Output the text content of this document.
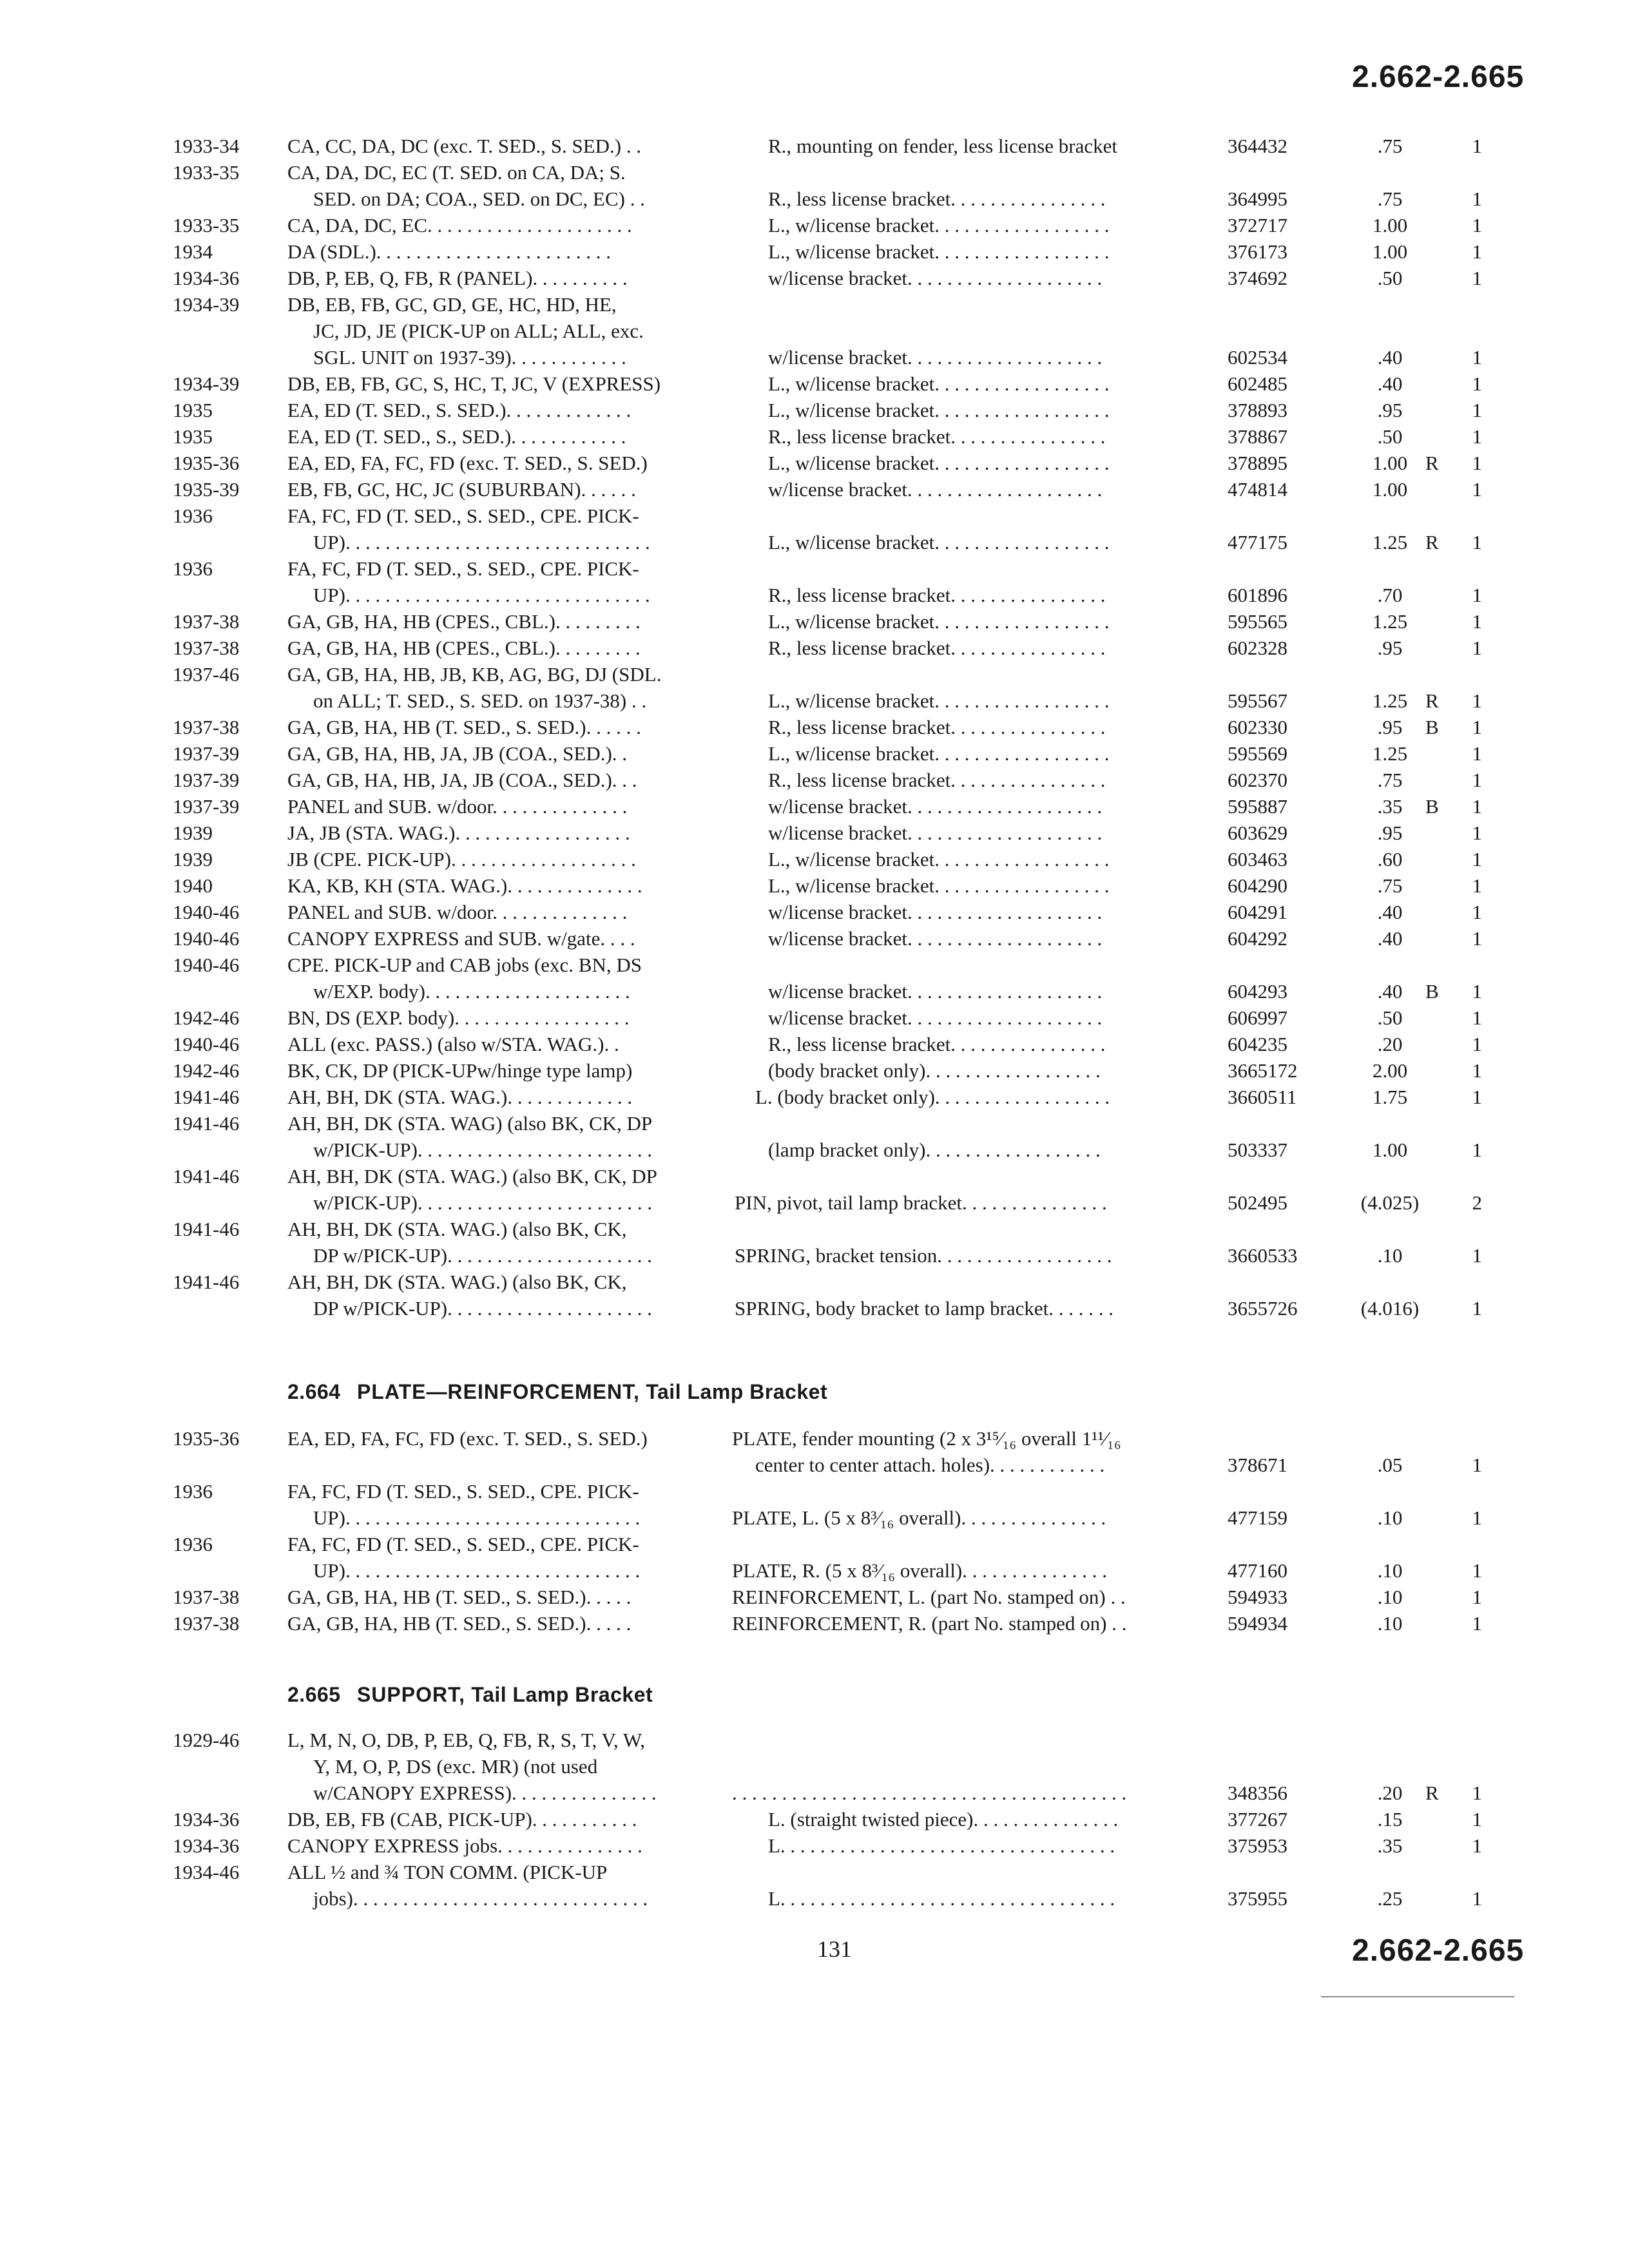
2.662-2.665
1933-34	CA, CC, DA, DC (exc. T. SED., S. SED.) . .	R., mounting on fender, less license bracket	364432	.75	1
1933-35	CA, DA, DC, EC (T. SED. on CA, DA; S.
SED. on DA; COA., SED. on DC, EC) . .	R., less license bracket. . . . . . . . . . . . . . . .	364995	.75	1
1933-35	CA, DA, DC, EC. . . . . . . . . . . . . . . . . . . . .	L., w/license bracket. . . . . . . . . . . . . . . . . .	372717	1.00	1
1934	DA (SDL.). . . . . . . . . . . . . . . . . . . . . . . .	L., w/license bracket. . . . . . . . . . . . . . . . . .	376173	1.00	1
1934-36	DB, P, EB, Q, FB, R (PANEL). . . . . . . . . .	w/license bracket. . . . . . . . . . . . . . . . . . . .	374692	.50	1
1934-39	DB, EB, FB, GC, GD, GE, HC, HD, HE,
JC, JD, JE (PICK-UP on ALL; ALL, exc.
SGL. UNIT on 1937-39). . . . . . . . . . . .	w/license bracket. . . . . . . . . . . . . . . . . . . .	602534	.40	1
1934-39	DB, EB, FB, GC, S, HC, T, JC, V (EXPRESS)	L., w/license bracket. . . . . . . . . . . . . . . . . .	602485	.40	1
1935	EA, ED (T. SED., S. SED.). . . . . . . . . . . . .	L., w/license bracket. . . . . . . . . . . . . . . . . .	378893	.95	1
1935	EA, ED (T. SED., S., SED.). . . . . . . . . . . .	R., less license bracket. . . . . . . . . . . . . . . .	378867	.50	1
1935-36	EA, ED, FA, FC, FD (exc. T. SED., S. SED.)	L., w/license bracket. . . . . . . . . . . . . . . . . .	378895	1.00 R	1
1935-39	EB, FB, GC, HC, JC (SUBURBAN). . . . . .	w/license bracket. . . . . . . . . . . . . . . . . . . .	474814	1.00	1
1936	FA, FC, FD (T. SED., S. SED., CPE. PICK-
UP). . . . . . . . . . . . . . . . . . . . . . . . . . . . . . .	L., w/license bracket. . . . . . . . . . . . . . . . . .	477175	1.25 R	1
1936	FA, FC, FD (T. SED., S. SED., CPE. PICK-
UP). . . . . . . . . . . . . . . . . . . . . . . . . . . . . . .	R., less license bracket. . . . . . . . . . . . . . . .	601896	.70	1
1937-38	GA, GB, HA, HB (CPES., CBL.). . . . . . . . .	L., w/license bracket. . . . . . . . . . . . . . . . . .	595565	1.25	1
1937-38	GA, GB, HA, HB (CPES., CBL.). . . . . . . . .	R., less license bracket. . . . . . . . . . . . . . . .	602328	.95	1
1937-46	GA, GB, HA, HB, JB, KB, AG, BG, DJ (SDL.
on ALL; T. SED., S. SED. on 1937-38) . .	L., w/license bracket. . . . . . . . . . . . . . . . . .	595567	1.25 R	1
1937-38	GA, GB, HA, HB (T. SED., S. SED.). . . . . .	R., less license bracket. . . . . . . . . . . . . . . .	602330	.95	B	1
1937-39	GA, GB, HA, HB, JA, JB (COA., SED.). .	L., w/license bracket. . . . . . . . . . . . . . . . . .	595569	1.25	1
1937-39	GA, GB, HA, HB, JA, JB (COA., SED.). . .	R., less license bracket. . . . . . . . . . . . . . . .	602370	.75	1
1937-39	PANEL and SUB. w/door. . . . . . . . . . . . . .	w/license bracket. . . . . . . . . . . . . . . . . . . .	595887	.35	B	1
1939	JA, JB (STA. WAG.). . . . . . . . . . . . . . . . . .	w/license bracket. . . . . . . . . . . . . . . . . . . .	603629	.95	1
1939	JB (CPE. PICK-UP). . . . . . . . . . . . . . . . . . .	L., w/license bracket. . . . . . . . . . . . . . . . . .	603463	.60	1
1940	KA, KB, KH (STA. WAG.). . . . . . . . . . . . . .	L., w/license bracket. . . . . . . . . . . . . . . . . .	604290	.75	1
1940-46	PANEL and SUB. w/door. . . . . . . . . . . . . .	w/license bracket. . . . . . . . . . . . . . . . . . . .	604291	.40	1
1940-46	CANOPY EXPRESS and SUB. w/gate. . . .	w/license bracket. . . . . . . . . . . . . . . . . . . .	604292	.40	1
1940-46	CPE. PICK-UP and CAB jobs (exc. BN, DS
w/EXP. body). . . . . . . . . . . . . . . . . . . . .	w/license bracket. . . . . . . . . . . . . . . . . . . .	604293	.40	B	1
1942-46	BN, DS (EXP. body). . . . . . . . . . . . . . . . . .	w/license bracket. . . . . . . . . . . . . . . . . . . .	606997	.50	1
1940-46	ALL (exc. PASS.) (also w/STA. WAG.). .	R., less license bracket. . . . . . . . . . . . . . . .	604235	.20	1
1942-46	BK, CK, DP (PICK-UPw/hinge type lamp)	(body bracket only). . . . . . . . . . . . . . . . . .	3665172	2.00	1
1941-46	AH, BH, DK (STA. WAG.). . . . . . . . . . . . .	L. (body bracket only). . . . . . . . . . . . . . . . . .	3660511	1.75	1
1941-46	AH, BH, DK (STA. WAG) (also BK, CK, DP
w/PICK-UP). . . . . . . . . . . . . . . . . . . . . . . .	(lamp bracket only). . . . . . . . . . . . . . . . . .	503337	1.00	1
1941-46	AH, BH, DK (STA. WAG.) (also BK, CK, DP
w/PICK-UP). . . . . . . . . . . . . . . . . . . . . . . .	PIN, pivot, tail lamp bracket. . . . . . . . . . . . . . .	502495	(4.025)	2
1941-46	AH, BH, DK (STA. WAG.) (also BK, CK,
DP w/PICK-UP). . . . . . . . . . . . . . . . . . . . .	SPRING, bracket tension. . . . . . . . . . . . . . . . . .	3660533	.10	1
1941-46	AH, BH, DK (STA. WAG.) (also BK, CK,
DP w/PICK-UP). . . . . . . . . . . . . . . . . . . . .	SPRING, body bracket to lamp bracket. . . . . . .	3655726	(4.016)	1
2.664 PLATE—REINFORCEMENT, Tail Lamp Bracket
1935-36	EA, ED, FA, FC, FD (exc. T. SED., S. SED.)	PLATE, fender mounting (2 x 3¹⁵⁄₁₆ overall 1¹¹⁄₁₆
center to center attach. holes). . . . . . . . . . . .	378671	.05	1
1936	FA, FC, FD (T. SED., S. SED., CPE. PICK-
UP). . . . . . . . . . . . . . . . . . . . . . . . . . . . . .	PLATE, L. (5 x 8³⁄₁₆ overall). . . . . . . . . . . . . . .	477159	.10	1
1936	FA, FC, FD (T. SED., S. SED., CPE. PICK-
UP). . . . . . . . . . . . . . . . . . . . . . . . . . . . . .	PLATE, R. (5 x 8³⁄₁₆ overall). . . . . . . . . . . . . . .	477160	.10	1
1937-38	GA, GB, HA, HB (T. SED., S. SED.). . . . .	REINFORCEMENT, L. (part No. stamped on) . .	594933	.10	1
1937-38	GA, GB, HA, HB (T. SED., S. SED.). . . . .	REINFORCEMENT, R. (part No. stamped on) . .	594934	.10	1
2.665 SUPPORT, Tail Lamp Bracket
1929-46	L, M, N, O, DB, P, EB, Q, FB, R, S, T, V, W,
Y, M, O, P, DS (exc. MR) (not used
w/CANOPY EXPRESS). . . . . . . . . . . . . . .	. . . . . . . . . . . . . . . . . . . . . . . . . . . . . . . . . . . . . . . .	348356	.20	R	1
1934-36	DB, EB, FB (CAB, PICK-UP). . . . . . . . . . .	L. (straight twisted piece). . . . . . . . . . . . . . .	377267	.15	1
1934-36	CANOPY EXPRESS jobs. . . . . . . . . . . . . . .	L. . . . . . . . . . . . . . . . . . . . . . . . . . . . . . . . . .	375953	.35	1
1934-46	ALL ½ and ¾ TON COMM. (PICK-UP
jobs). . . . . . . . . . . . . . . . . . . . . . . . . . . . . .	L. . . . . . . . . . . . . . . . . . . . . . . . . . . . . . . . . .	375955	.25	1
131	2.662-2.665
